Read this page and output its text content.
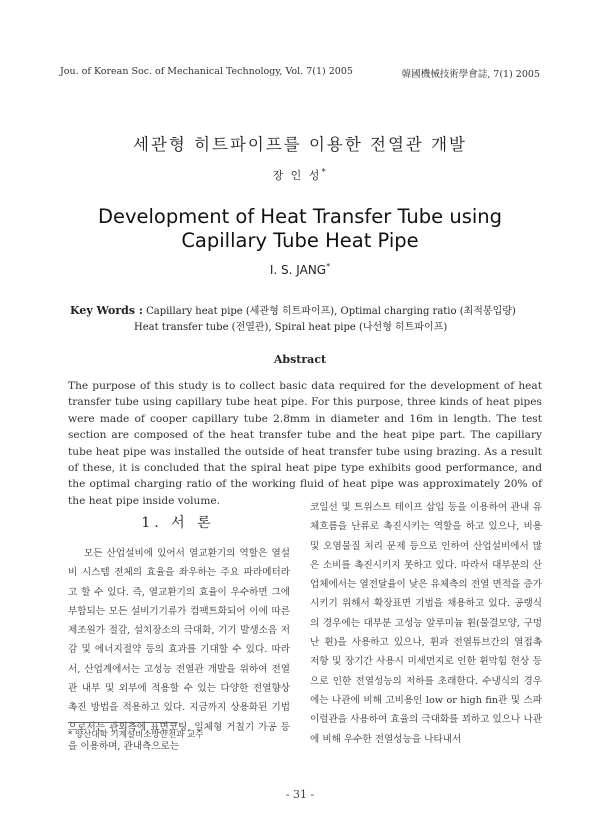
Jou. of Korean Soc. of Mechanical Technology, Vol. 7(1) 2005	韓國機械技術學會誌, 7(1) 2005
세관형 히트파이프를 이용한 전열관 개발
장 인 성*
Development of Heat Transfer Tube using Capillary Tube Heat Pipe
I. S. JANG*
Key Words : Capillary heat pipe (세관형 히트파이프), Optimal charging ratio (최적봉입량)
Heat transfer tube (전열관), Spiral heat pipe (나선형 히트파이프)
Abstract
The purpose of this study is to collect basic data required for the development of heat transfer tube using capillary tube heat pipe. For this purpose, three kinds of heat pipes were made of cooper capillary tube 2.8mm in diameter and 16m in length. The test section are composed of the heat transfer tube and the heat pipe part. The capillary tube heat pipe was installed the outside of heat transfer tube using brazing. As a result of these, it is concluded that the spiral heat pipe type exhibits good performance, and the optimal charging ratio of the working fluid of heat pipe was approximately 20% of the heat pipe inside volume.
1. 서 론
모든 산업설비에 있어서 열교환기의 역할은 열설비 시스템 전체의 효율을 좌우하는 주요 파라메터라고 할 수 있다. 즉, 열교환기의 효율이 우수하면 그에 부합되는 모든 설비기기류가 컴팩트화되어 이에 따른 제조원가 절감, 설치장소의 극대화, 기기 발생소음 저감 및 에너지절약 등의 효과를 기대할 수 있다. 따라서, 산업계에서는 고성능 전열관 개발을 위하여 전열관 내부 및 외부에 적용할 수 있는 다양한 전열향상 촉진 방법을 적용하고 있다. 지금까지 상용화된 기법으로서는 관외측에 표면코팅, 일체형 거칠기 가공 등을 이용하며, 관내측으로는
코일선 및 트위스트 테이프 삽입 등을 이용하여 관내 유체흐름을 난류로 촉진시키는 역할을 하고 있으나, 비용 및 오염물질 처리 문제 등으로 인하여 산업설비에서 많은 소비를 촉진시키지 못하고 있다. 따라서 대부분의 산업체에서는 열전달율이 낮은 유체측의 전열 면적을 증가시키기 위해서 확장표면 기법을 채용하고 있다. 공랭식의 경우에는 대부분 고성능 알루미늄 휜(물결모양, 구멍난 휜)을 사용하고 있으나, 휜과 전열튜브간의 열접촉 저항 및 장기간 사용시 미세먼지로 인한 휜막힘 현상 등으로 인한 전열성능의 저하를 초래한다. 수냉식의 경우에는 나관에 비해 고비용인 low or high fin관 및 스파이럴관을 사용하여 효율의 극대화를 꾀하고 있으나 나관에 비해 우수한 전열성능을 나타내서
* 양산대학 기계설비소방안전과 교수
- 31 -
